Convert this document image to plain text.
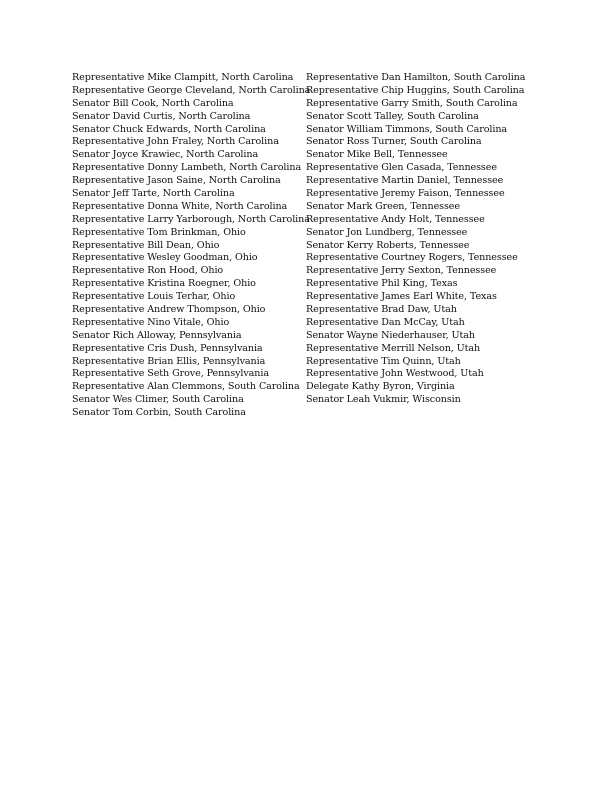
Representative Mike Clampitt, North Carolina
Representative George Cleveland, North Carolina
Senator Bill Cook, North Carolina
Senator David Curtis, North Carolina
Senator Chuck Edwards, North Carolina
Representative John Fraley, North Carolina
Senator Joyce Krawiec, North Carolina
Representative Donny Lambeth, North Carolina
Representative Jason Saine, North Carolina
Senator Jeff Tarte, North Carolina
Representative Donna White, North Carolina
Representative Larry Yarborough, North Carolina
Representative Tom Brinkman, Ohio
Representative Bill Dean, Ohio
Representative Wesley Goodman, Ohio
Representative Ron Hood, Ohio
Representative Kristina Roegner, Ohio
Representative Louis Terhar, Ohio
Representative Andrew Thompson, Ohio
Representative Nino Vitale, Ohio
Senator Rich Alloway, Pennsylvania
Representative Cris Dush, Pennsylvania
Representative Brian Ellis, Pennsylvania
Representative Seth Grove, Pennsylvania
Representative Alan Clemmons, South Carolina
Senator Wes Climer, South Carolina
Senator Tom Corbin, South Carolina
Representative Dan Hamilton, South Carolina
Representative Chip Huggins, South Carolina
Representative Garry Smith, South Carolina
Senator Scott Talley, South Carolina
Senator William Timmons, South Carolina
Senator Ross Turner, South Carolina
Senator Mike Bell, Tennessee
Representative Glen Casada, Tennessee
Representative Martin Daniel, Tennessee
Representative Jeremy Faison, Tennessee
Senator Mark Green, Tennessee
Representative Andy Holt, Tennessee
Senator Jon Lundberg, Tennessee
Senator Kerry Roberts, Tennessee
Representative Courtney Rogers, Tennessee
Representative Jerry Sexton, Tennessee
Representative Phil King, Texas
Representative James Earl White, Texas
Representative Brad Daw, Utah
Representative Dan McCay, Utah
Senator Wayne Niederhauser, Utah
Representative Merrill Nelson, Utah
Representative Tim Quinn, Utah
Representative John Westwood, Utah
Delegate Kathy Byron, Virginia
Senator Leah Vukmir, Wisconsin
